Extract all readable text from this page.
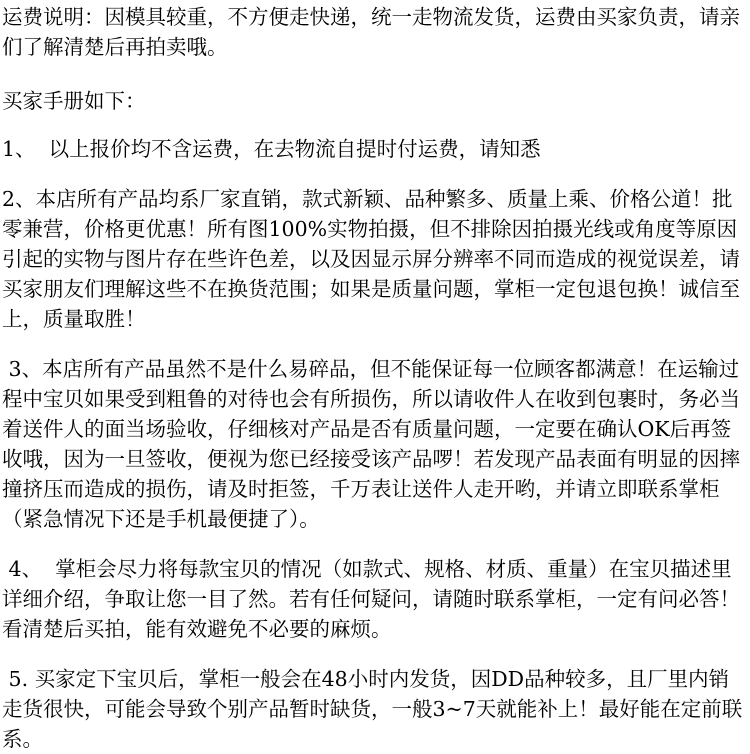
运费说明：因模具较重，不方便走快递，统一走物流发货，运费由买家负责，请亲们了解清楚后再拍卖哦。

买家手册如下：

1、  以上报价均不含运费，在去物流自提时付运费，请知悉

2、本店所有产品均系厂家直销，款式新颖、品种繁多、质量上乘、价格公道！批零兼营，价格更优惠！所有图100%实物拍摄，但不排除因拍摄光线或角度等原因引起的实物与图片存在些许色差，以及因显示屏分辨率不同而造成的视觉误差，请买家朋友们理解这些不在换货范围；如果是质量问题，掌柜一定包退包换！诚信至上，质量取胜！

3、本店所有产品虽然不是什么易碎品，但不能保证每一位顾客都满意！在运输过程中宝贝如果受到粗鲁的对待也会有所损伤，所以请收件人在收到包裹时，务必当着送件人的面当场验收，仔细核对产品是否有质量问题，一定要在确认OK后再签收哦，因为一旦签收，便视为您已经接受该产品啰！若发现产品表面有明显的因摔撞挤压而造成的损伤，请及时拒签，千万表让送件人走开哟，并请立即联系掌柜（紧急情况下还是手机最便捷了）。

4、  掌柜会尽力将每款宝贝的情况（如款式、规格、材质、重量）在宝贝描述里详细介绍，争取让您一目了然。若有任何疑问，请随时联系掌柜，一定有问必答！看清楚后买拍，能有效避免不必要的麻烦。

5. 买家定下宝贝后，掌柜一般会在48小时内发货，因DD品种较多，且厂里内销走货很快，可能会导致个别产品暂时缺货，一般3~7天就能补上！最好能在定前联系。
